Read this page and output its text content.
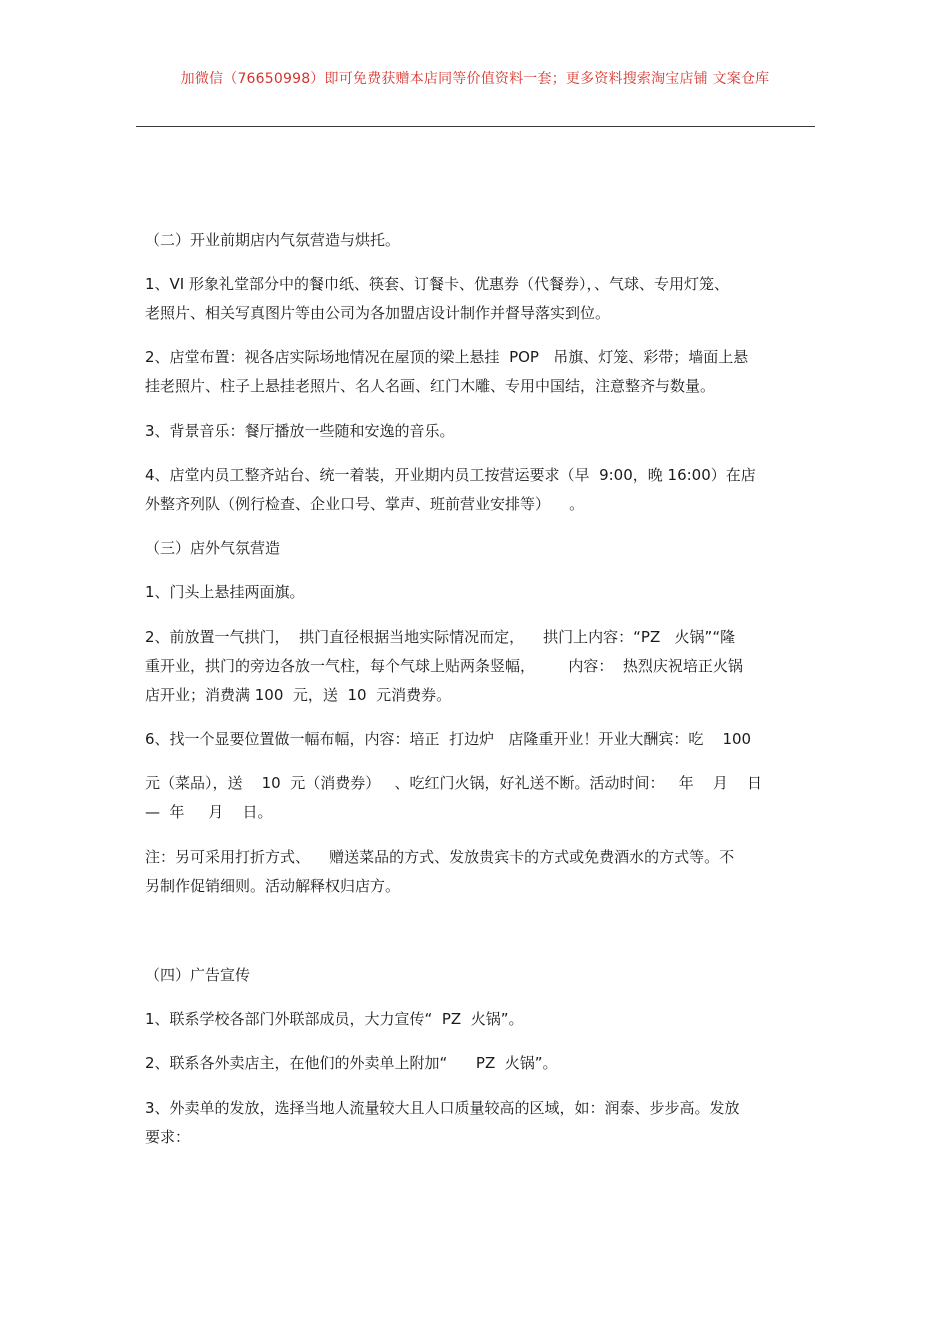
加微信（76650998）即可免费获赠本店同等价值资料一套；更多资料搜索淘宝店铺 文案仓库

（二）开业前期店内气氛营造与烘托。

1、VI 形象礼堂部分中的餐巾纸、筷套、订餐卡、优惠券（代餐券），、气球、专用灯笼、

老照片、相关写真图片等由公司为各加盟店设计制作并督导落实到位。

2、店堂布置：视各店实际场地情况在屋顶的梁上悬挂  POP   吊旗、灯笼、彩带；墙面上悬

挂老照片、柱子上悬挂老照片、名人名画、红门木雕、专用中国结，注意整齐与数量。

3、背景音乐：餐厅播放一些随和安逸的音乐。

4、店堂内员工整齐站台、统一着装，开业期内员工按营运要求（早  9:00，晚 16:00）在店

外整齐列队（例行检查、企业口号、掌声、班前营业安排等）    。

（三）店外气氛营造

1、门头上悬挂两面旗。

2、前放置一气拱门，  拱门直径根据当地实际情况而定，    拱门上内容：“PZ   火锅”“隆

重开业，拱门的旁边各放一气柱，每个气球上贴两条竖幅，       内容：  热烈庆祝培正火锅

店开业；消费满 100  元，送  10  元消费券。

6、找一个显要位置做一幅布幅，内容：培正  打边炉   店隆重开业！开业大酬宾：吃    100

元（菜品），送    10  元（消费券）   、吃红门火锅，好礼送不断。活动时间：   年    月    日

—  年     月    日。

注：另可采用打折方式、    赠送菜品的方式、发放贵宾卡的方式或免费酒水的方式等。不

另制作促销细则。活动解释权归店方。

（四）广告宣传

1、联系学校各部门外联部成员，大力宣传“  PZ  火锅”。

2、联系各外卖店主，在他们的外卖单上附加“      PZ  火锅”。

3、外卖单的发放，选择当地人流量较大且人口质量较高的区域，如：润泰、步步高。发放

要求：
